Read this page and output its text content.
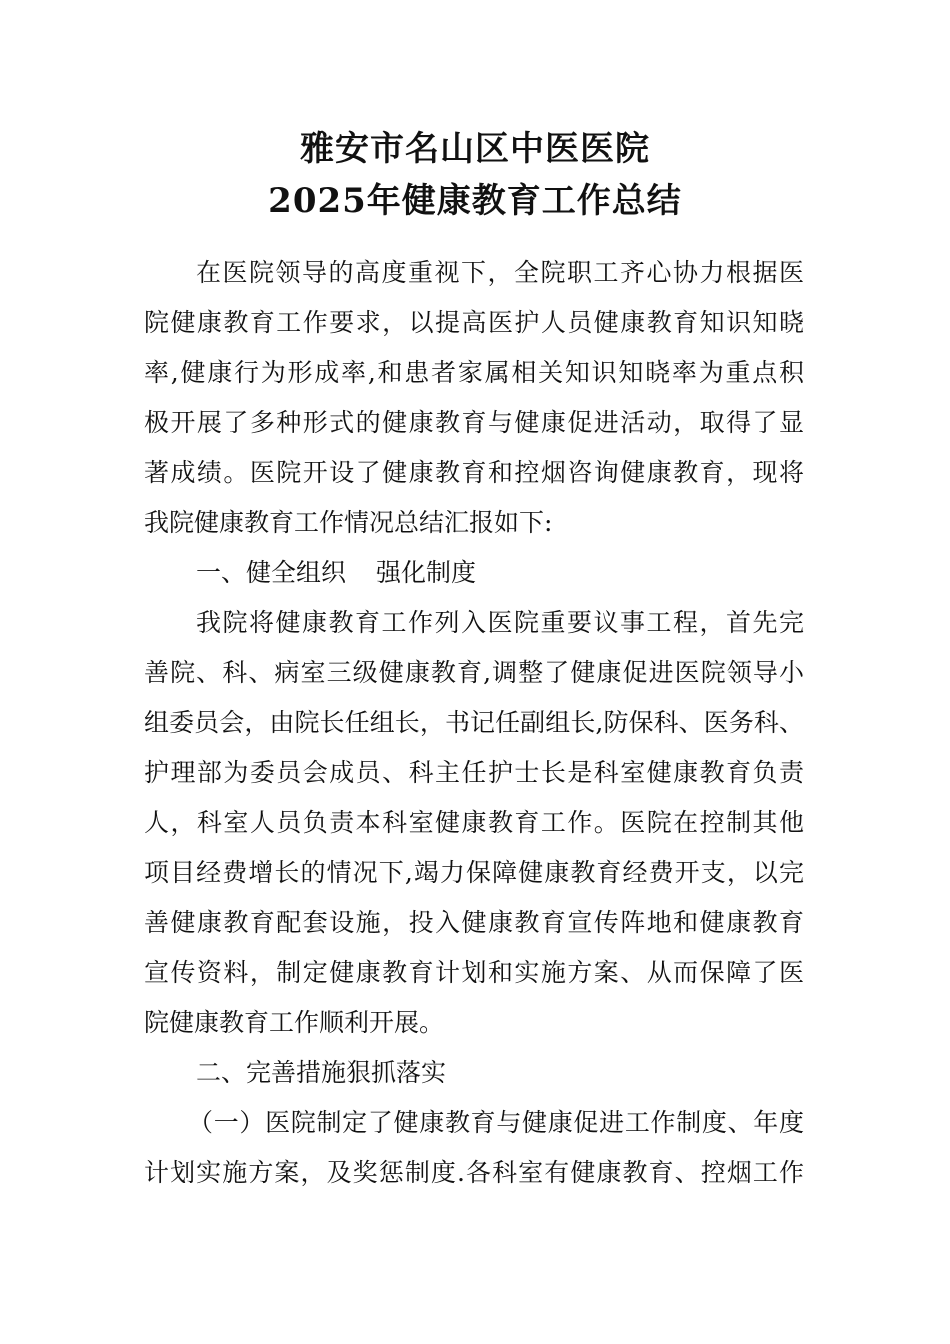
雅安市名山区中医医院
2025年健康教育工作总结
在医院领导的高度重视下，全院职工齐心协力根据医
院健康教育工作要求，以提高医护人员健康教育知识知晓
率,健康行为形成率,和患者家属相关知识知晓率为重点积
极开展了多种形式的健康教育与健康促进活动，取得了显
著成绩。医院开设了健康教育和控烟咨询健康教育，现将
我院健康教育工作情况总结汇报如下:
一、健全组织 强化制度
我院将健康教育工作列入医院重要议事工程，首先完
善院、科、病室三级健康教育,调整了健康促进医院领导小
组委员会，由院长任组长，书记任副组长,防保科、医务科、
护理部为委员会成员、科主任护士长是科室健康教育负责
人，科室人员负责本科室健康教育工作。医院在控制其他
项目经费增长的情况下,竭力保障健康教育经费开支，以完
善健康教育配套设施，投入健康教育宣传阵地和健康教育
宣传资料，制定健康教育计划和实施方案、从而保障了医
院健康教育工作顺利开展。
二、完善措施狠抓落实
（一）医院制定了健康教育与健康促进工作制度、年度
计划实施方案，及奖惩制度.各科室有健康教育、控烟工作
